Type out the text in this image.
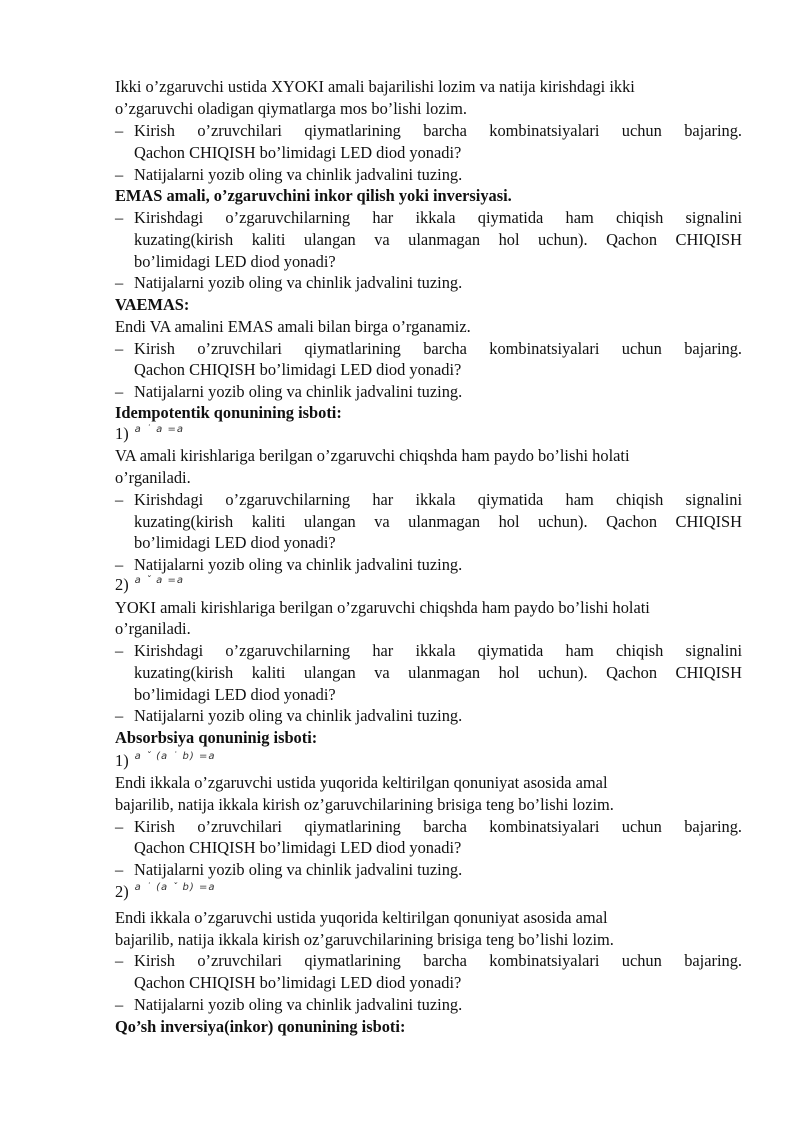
Ikki o’zgaruvchi ustida XYOKI amali bajarilishi lozim va natija kirishdagi ikki
o’zgaruvchi oladigan qiymatlarga mos bo’lishi lozim.
– Kirish o’zruvchilari qiymatlarining barcha kombinatsiyalari uchun bajaring.
Qachon CHIQISH bo’limidagi LED diod yonadi?
– Natijalarni yozib oling va chinlik jadvalini tuzing.
EMAS amali, o’zgaruvchini inkor qilish yoki inversiyasi.
– Kirishdagi o’zgaruvchilarning har ikkala qiymatida ham chiqish signalini
kuzating(kirish kaliti ulangan va ulanmagan hol uchun). Qachon CHIQISH
bo’limidagi LED diod yonadi?
– Natijalarni yozib oling va chinlik jadvalini tuzing.
VAEMAS:
Endi VA amalini EMAS amali bilan birga o’rganamiz.
– Kirish o’zruvchilari qiymatlarining barcha kombinatsiyalari uchun bajaring.
Qachon CHIQISH bo’limidagi LED diod yonadi?
– Natijalarni yozib oling va chinlik jadvalini tuzing.
Idempotentik qonunining isboti:
1) $^{a ˙ a =a}$
VA amali kirishlariga berilgan o’zgaruvchi chiqshda ham paydo bo’lishi holati
o’rganiladi.
– Kirishdagi o’zgaruvchilarning har ikkala qiymatida ham chiqish signalini
kuzating(kirish kaliti ulangan va ulanmagan hol uchun). Qachon CHIQISH
bo’limidagi LED diod yonadi?
– Natijalarni yozib oling va chinlik jadvalini tuzing.
2) $^{a ˇ a =a}$
YOKI amali kirishlariga berilgan o’zgaruvchi chiqshda ham paydo bo’lishi holati
o’rganiladi.
– Kirishdagi o’zgaruvchilarning har ikkala qiymatida ham chiqish signalini
kuzating(kirish kaliti ulangan va ulanmagan hol uchun). Qachon CHIQISH
bo’limidagi LED diod yonadi?
– Natijalarni yozib oling va chinlik jadvalini tuzing.
Absorbsiya qonuninig isboti:
1) $^{a ˇ (a ˙ b) =a}$
Endi ikkala o’zgaruvchi ustida yuqorida keltirilgan qonuniyat asosida amal
bajarilib, natija ikkala kirish oz’garuvchilarining brisiga teng bo’lishi lozim.
– Kirish o’zruvchilari qiymatlarining barcha kombinatsiyalari uchun bajaring.
Qachon CHIQISH bo’limidagi LED diod yonadi?
– Natijalarni yozib oling va chinlik jadvalini tuzing.
2) $^{a ˙ (a ˇ b) =a}$
Endi ikkala o’zgaruvchi ustida yuqorida keltirilgan qonuniyat asosida amal
bajarilib, natija ikkala kirish oz’garuvchilarining brisiga teng bo’lishi lozim.
– Kirish o’zruvchilari qiymatlarining barcha kombinatsiyalari uchun bajaring.
Qachon CHIQISH bo’limidagi LED diod yonadi?
– Natijalarni yozib oling va chinlik jadvalini tuzing.
Qo’sh inversiya(inkor) qonunining isboti:
